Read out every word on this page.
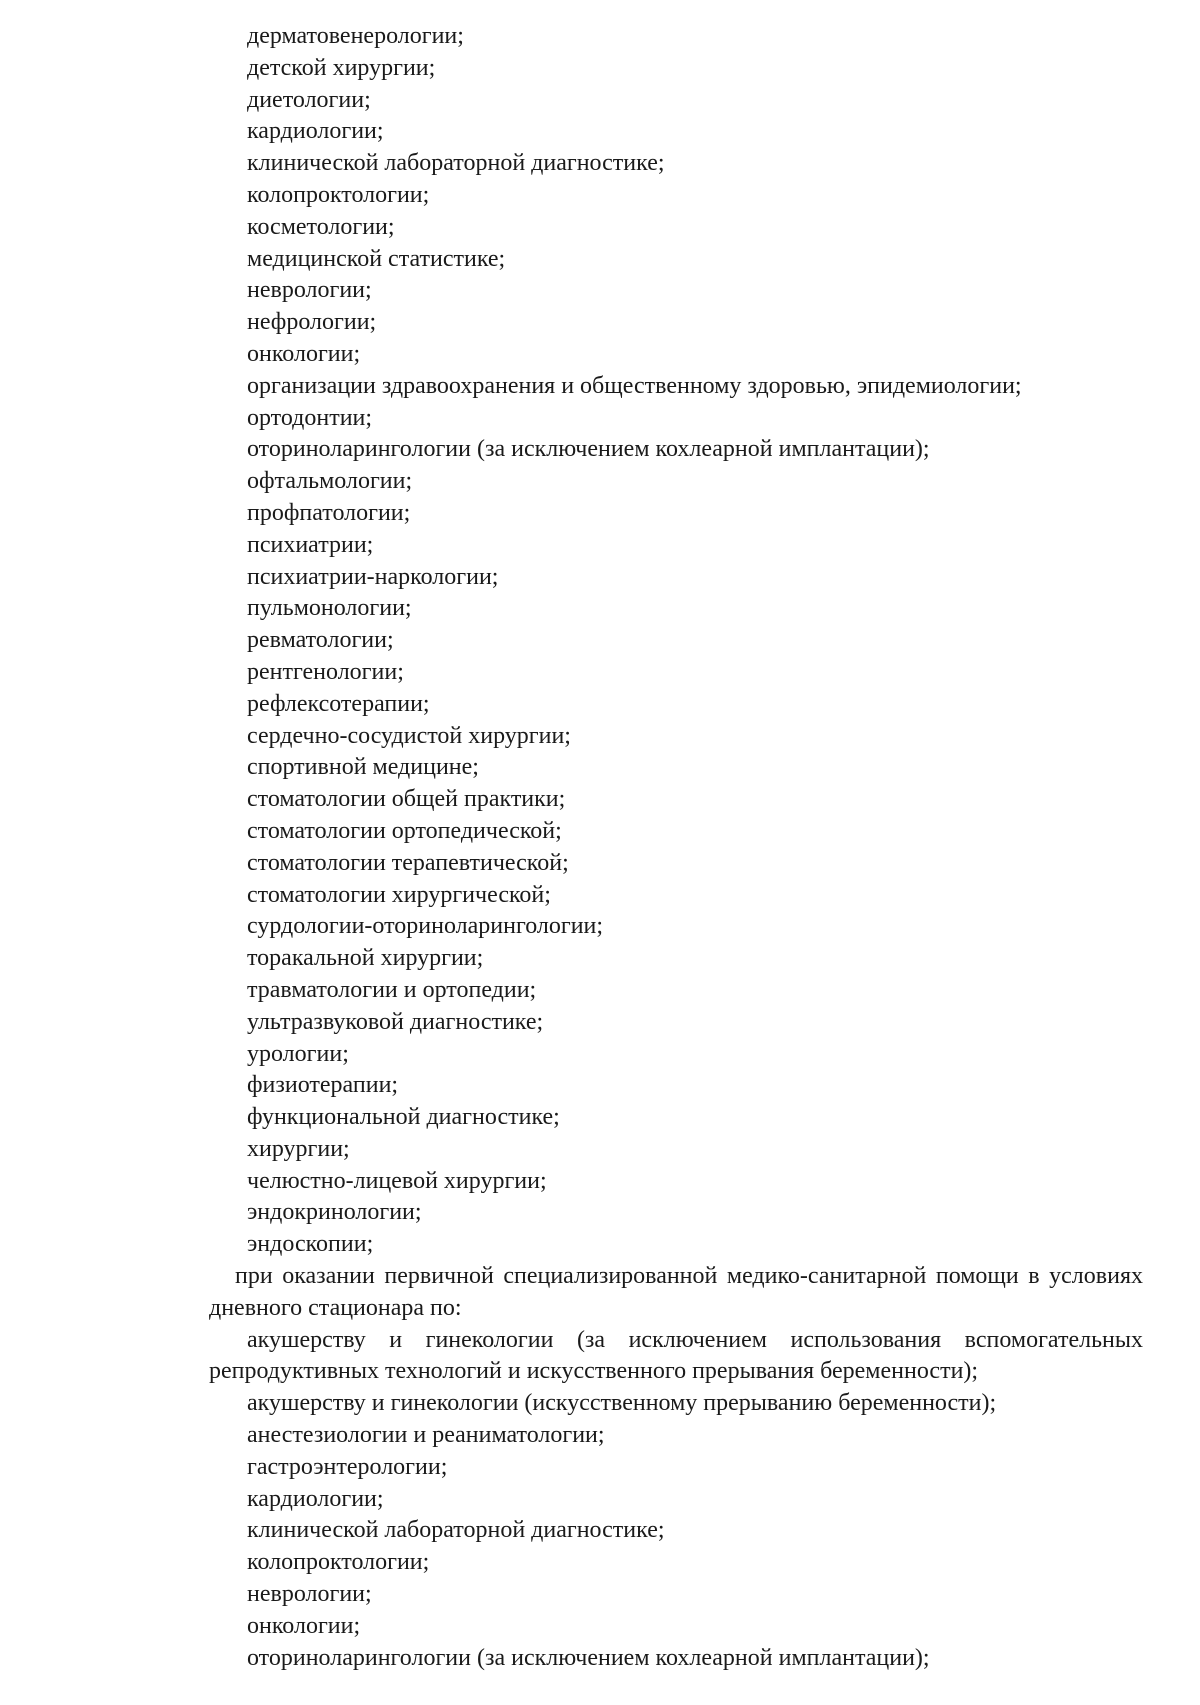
дерматовенерологии;

детской хирургии;

диетологии;

кардиологии;

клинической лабораторной диагностике;

колопроктологии;

косметологии;

медицинской статистике;

неврологии;

нефрологии;

онкологии;

организации здравоохранения и общественному здоровью, эпидемиологии;

ортодонтии;

оториноларингологии (за исключением кохлеарной имплантации);

офтальмологии;

профпатологии;

психиатрии;

психиатрии-наркологии;

пульмонологии;

ревматологии;

рентгенологии;

рефлексотерапии;

сердечно-сосудистой хирургии;

спортивной медицине;

стоматологии общей практики;

стоматологии ортопедической;

стоматологии терапевтической;

стоматологии хирургической;

сурдологии-оториноларингологии;

торакальной хирургии;

травматологии и ортопедии;

ультразвуковой диагностике;

урологии;

физиотерапии;

функциональной диагностике;

хирургии;

челюстно-лицевой хирургии;

эндокринологии;

эндоскопии;

при оказании первичной специализированной медико-санитарной помощи в условиях

дневного стационара по:

акушерству и гинекологии (за исключением использования вспомогательных

репродуктивных технологий и искусственного прерывания беременности);

акушерству и гинекологии (искусственному прерыванию беременности);

анестезиологии и реаниматологии;

гастроэнтерологии;

кардиологии;

клинической лабораторной диагностике;

колопроктологии;

неврологии;

онкологии;

оториноларингологии (за исключением кохлеарной имплантации);
